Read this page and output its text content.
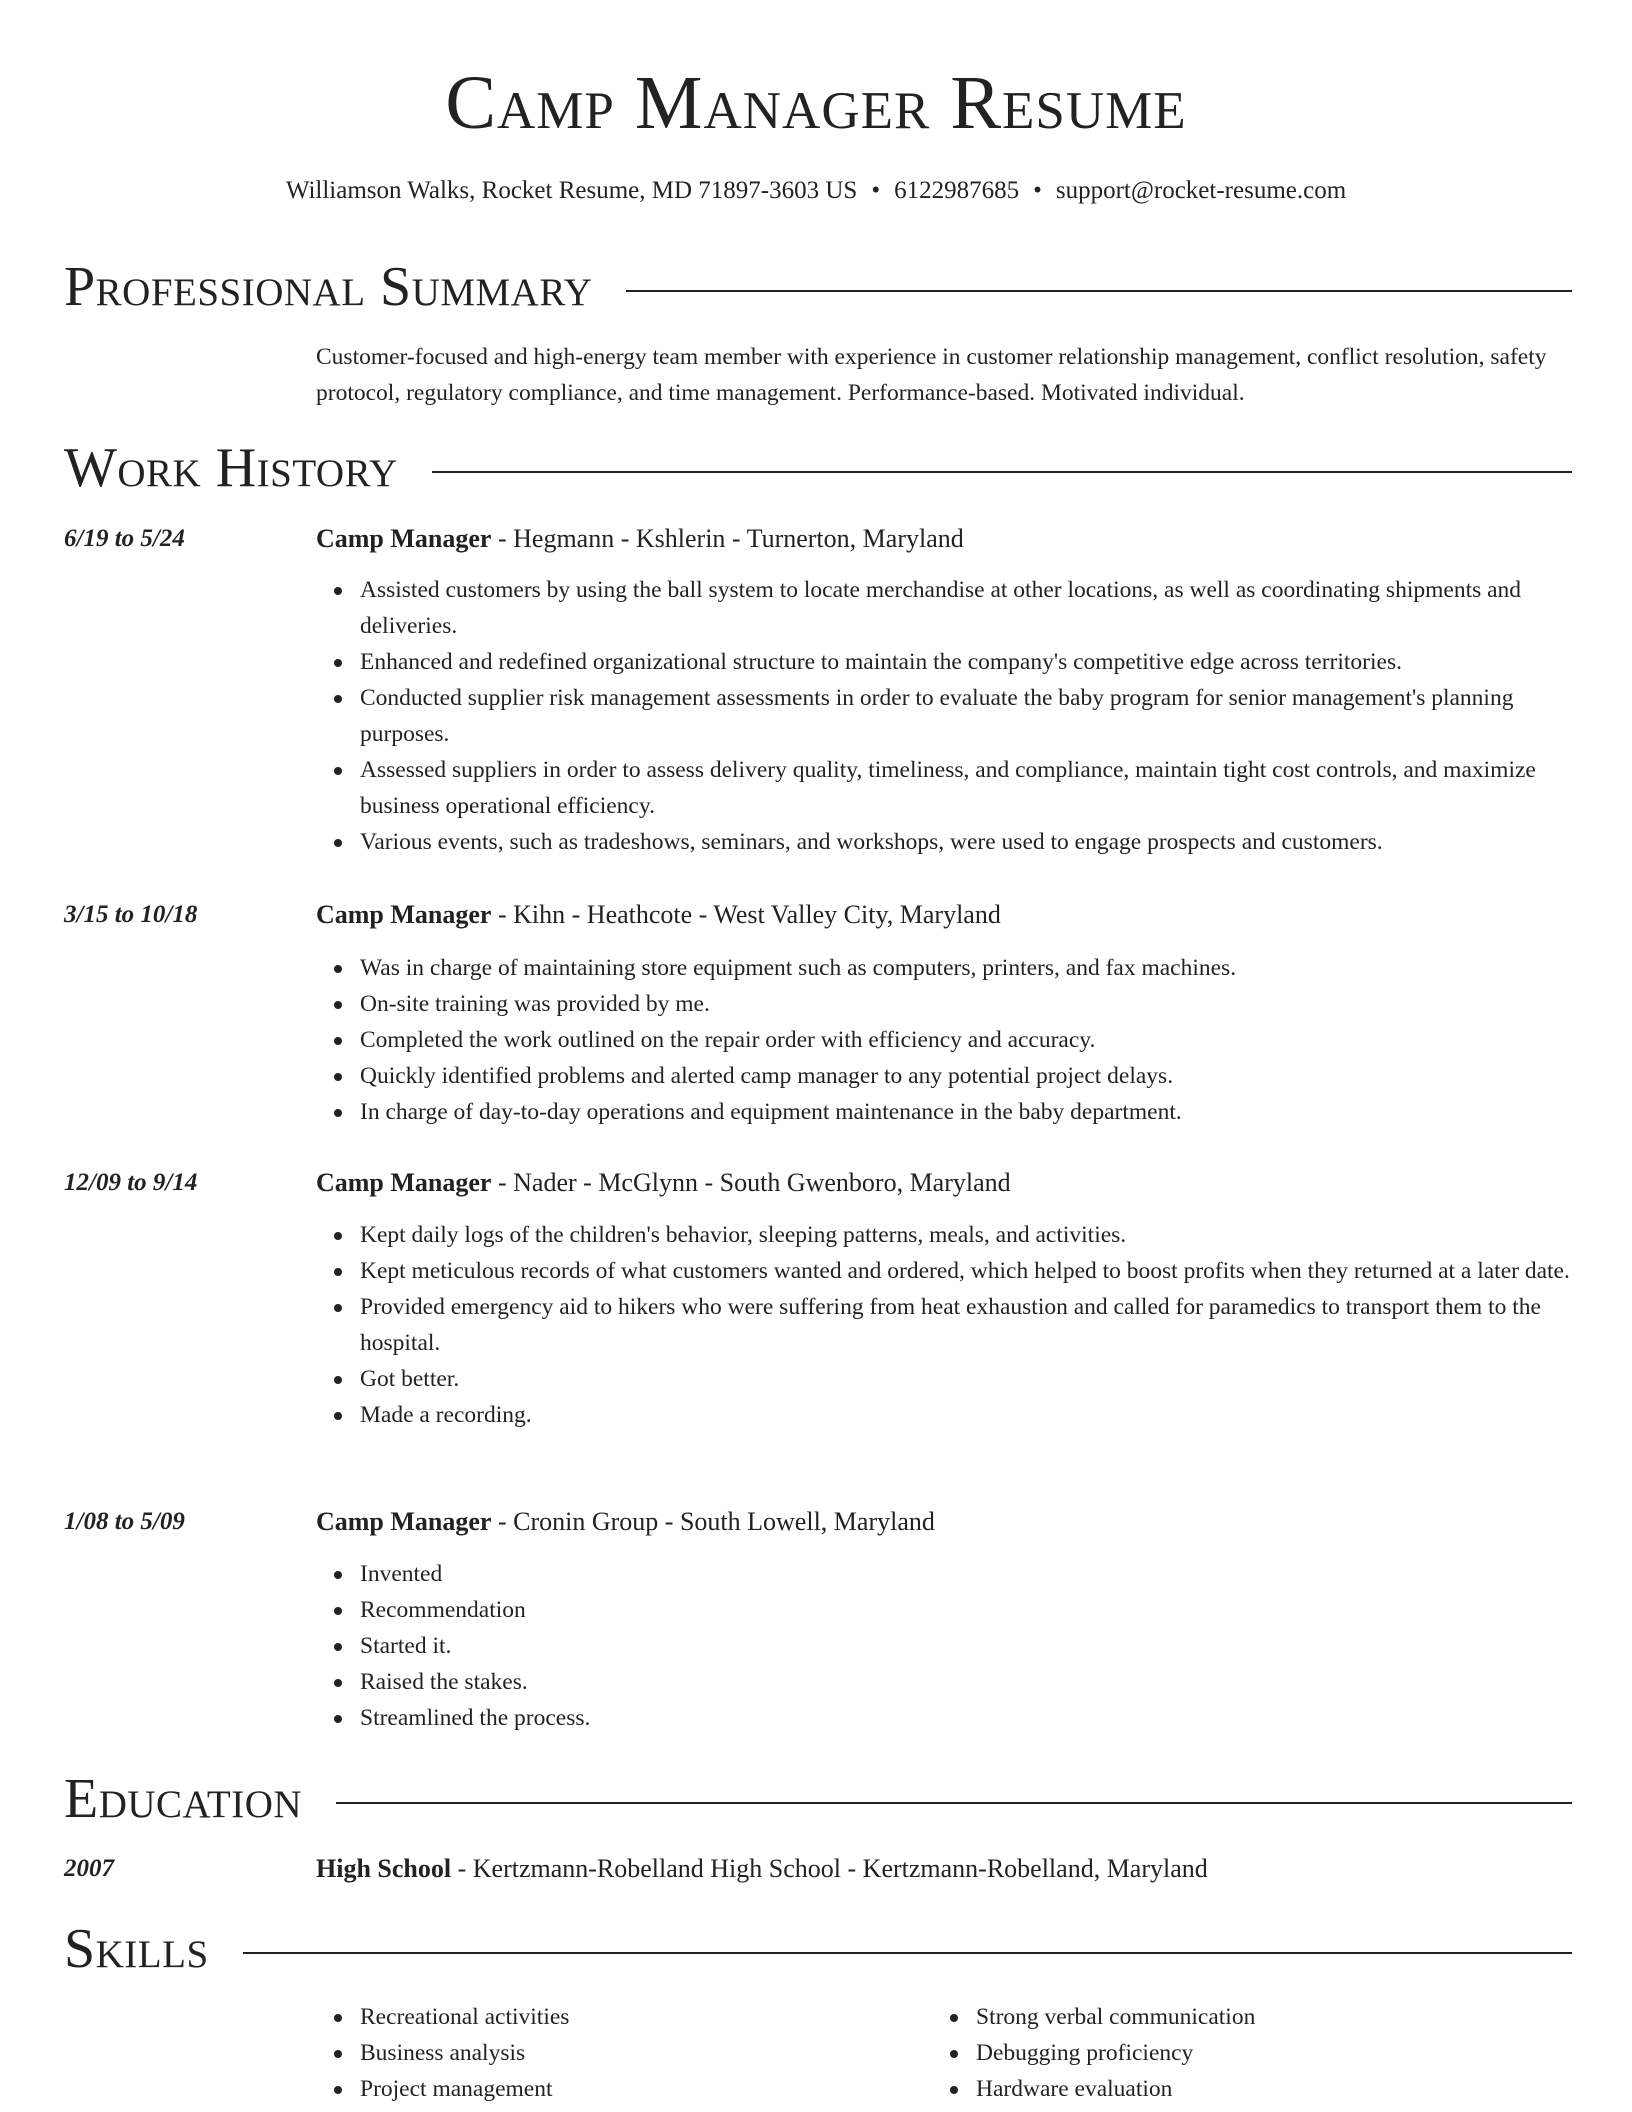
Camp Manager Resume
Williamson Walks, Rocket Resume, MD 71897-3603 US • 6122987685 • support@rocket-resume.com
Professional Summary

Customer-focused and high-energy team member with experience in customer relationship management, conflict resolution, safety protocol, regulatory compliance, and time management. Performance-based. Motivated individual.

Work History
6/19 to 5/24	Camp Manager - Hegmann - Kshlerin - Turnerton, Maryland
Assisted customers by using the ball system to locate merchandise at other locations, as well as coordinating shipments and deliveries.
Enhanced and redefined organizational structure to maintain the company's competitive edge across territories.
Conducted supplier risk management assessments in order to evaluate the baby program for senior management's planning purposes.
Assessed suppliers in order to assess delivery quality, timeliness, and compliance, maintain tight cost controls, and maximize business operational efficiency.
Various events, such as tradeshows, seminars, and workshops, were used to engage prospects and customers.
3/15 to 10/18	Camp Manager - Kihn - Heathcote - West Valley City, Maryland
Was in charge of maintaining store equipment such as computers, printers, and fax machines.
On-site training was provided by me.
Completed the work outlined on the repair order with efficiency and accuracy.
Quickly identified problems and alerted camp manager to any potential project delays.
In charge of day-to-day operations and equipment maintenance in the baby department.
12/09 to 9/14	Camp Manager - Nader - McGlynn - South Gwenboro, Maryland
Kept daily logs of the children's behavior, sleeping patterns, meals, and activities.
Kept meticulous records of what customers wanted and ordered, which helped to boost profits when they returned at a later date.
Provided emergency aid to hikers who were suffering from heat exhaustion and called for paramedics to transport them to the hospital.
Got better.
Made a recording.
1/08 to 5/09	Camp Manager - Cronin Group - South Lowell, Maryland
Invented
Recommendation
Started it.
Raised the stakes.
Streamlined the process.
Education
2007	High School - Kertzmann-Robelland High School - Kertzmann-Robelland, Maryland
Skills
Recreational activities
Business analysis
Project management
Strong verbal communication
Debugging proficiency
Hardware evaluation
